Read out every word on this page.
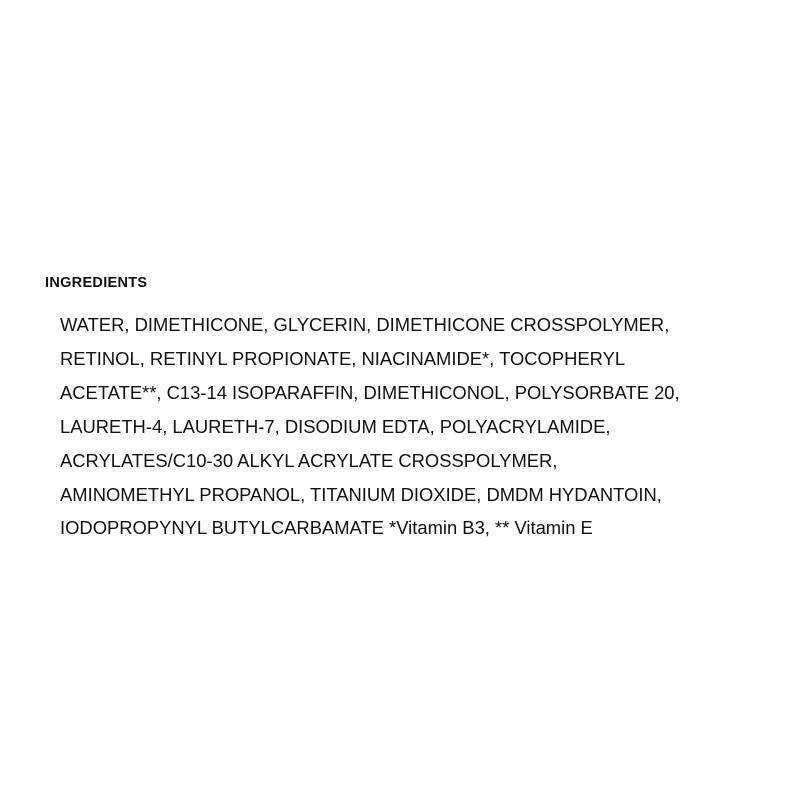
INGREDIENTS
WATER, DIMETHICONE, GLYCERIN, DIMETHICONE CROSSPOLYMER,
RETINOL, RETINYL PROPIONATE, NIACINAMIDE*, TOCOPHERYL
ACETATE**, C13-14 ISOPARAFFIN, DIMETHICONOL, POLYSORBATE 20,
LAURETH-4, LAURETH-7, DISODIUM EDTA, POLYACRYLAMIDE,
ACRYLATES/C10-30 ALKYL ACRYLATE CROSSPOLYMER,
AMINOMETHYL PROPANOL, TITANIUM DIOXIDE, DMDM HYDANTOIN,
IODOPROPYNYL BUTYLCARBAMATE *Vitamin B3, ** Vitamin E
